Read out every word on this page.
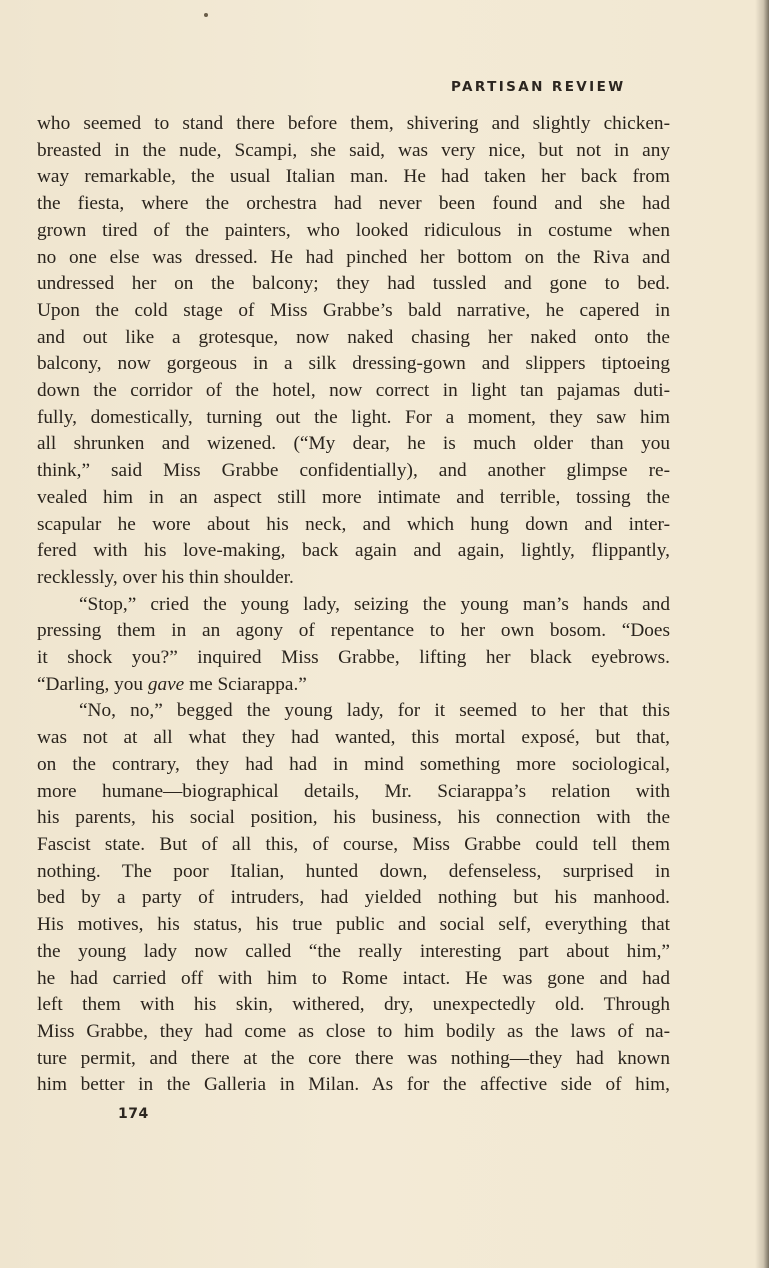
PARTISAN REVIEW

who seemed to stand there before them, shivering and slightly chicken-

breasted in the nude, Scampi, she said, was very nice, but not in any

way remarkable, the usual Italian man. He had taken her back from

the fiesta, where the orchestra had never been found and she had

grown tired of the painters, who looked ridiculous in costume when

no one else was dressed. He had pinched her bottom on the Riva and

undressed her on the balcony; they had tussled and gone to bed.

Upon the cold stage of Miss Grabbe’s bald narrative, he capered in

and out like a grotesque, now naked chasing her naked onto the

balcony, now gorgeous in a silk dressing-gown and slippers tiptoeing

down the corridor of the hotel, now correct in light tan pajamas duti-

fully, domestically, turning out the light. For a moment, they saw him

all shrunken and wizened. (“My dear, he is much older than you

think,” said Miss Grabbe confidentially), and another glimpse re-

vealed him in an aspect still more intimate and terrible, tossing the

scapular he wore about his neck, and which hung down and inter-

fered with his love-making, back again and again, lightly, flippantly,

recklessly, over his thin shoulder.

“Stop,” cried the young lady, seizing the young man’s hands and

pressing them in an agony of repentance to her own bosom. “Does

it shock you?” inquired Miss Grabbe, lifting her black eyebrows.

“Darling, you gave me Sciarappa.”

“No, no,” begged the young lady, for it seemed to her that this

was not at all what they had wanted, this mortal exposé, but that,

on the contrary, they had had in mind something more sociological,

more humane—biographical details, Mr. Sciarappa’s relation with

his parents, his social position, his business, his connection with the

Fascist state. But of all this, of course, Miss Grabbe could tell them

nothing. The poor Italian, hunted down, defenseless, surprised in

bed by a party of intruders, had yielded nothing but his manhood.

His motives, his status, his true public and social self, everything that

the young lady now called “the really interesting part about him,”

he had carried off with him to Rome intact. He was gone and had

left them with his skin, withered, dry, unexpectedly old. Through

Miss Grabbe, they had come as close to him bodily as the laws of na-

ture permit, and there at the core there was nothing—they had known

him better in the Galleria in Milan. As for the affective side of him,

174
